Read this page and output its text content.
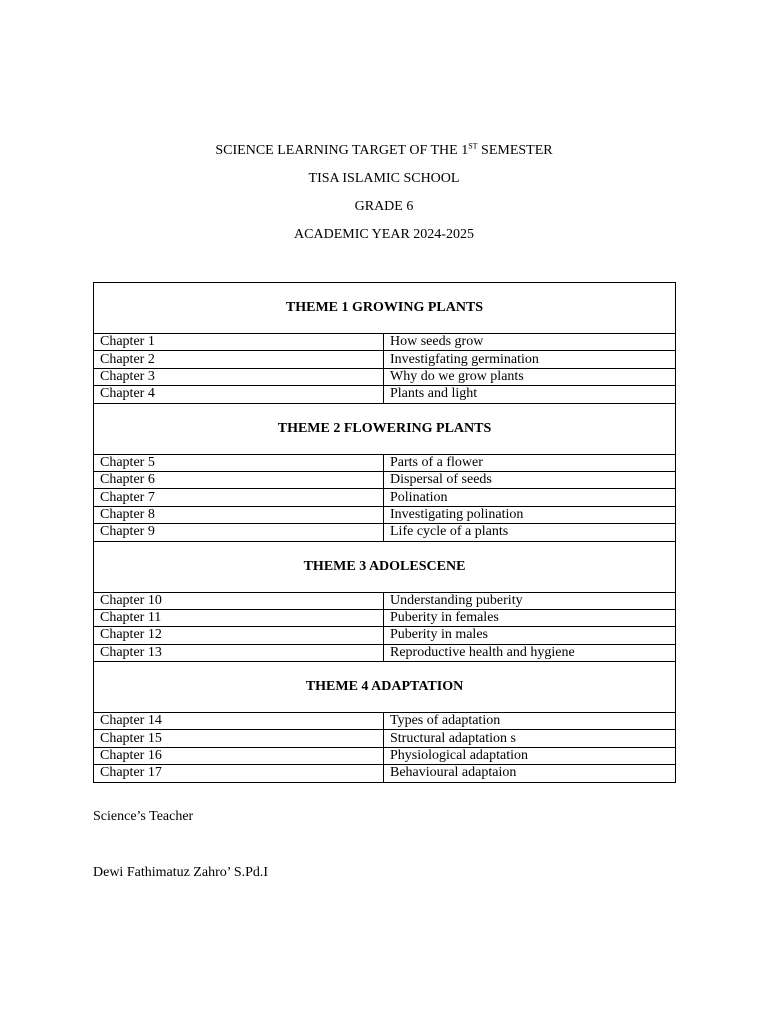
SCIENCE LEARNING TARGET OF THE 1ST SEMESTER
TISA ISLAMIC SCHOOL
GRADE 6
ACADEMIC YEAR 2024-2025
THEME 1 GROWING PLANTS	
Chapter 1	How seeds grow
Chapter 2	Investigfating germination
Chapter 3	Why do we grow plants
Chapter 4	Plants and light
THEME 2 FLOWERING PLANTS	
Chapter 5	Parts of a flower
Chapter 6	Dispersal of seeds
Chapter 7	Polination
Chapter 8	Investigating polination
Chapter 9	Life cycle of a plants
THEME 3 ADOLESCENE	
Chapter 10	Understanding puberity
Chapter 11	Puberity in females
Chapter 12	Puberity in males
Chapter 13	Reproductive health and hygiene
THEME 4 ADAPTATION	
Chapter 14	Types of adaptation
Chapter 15	Structural adaptation s
Chapter 16	Physiological adaptation
Chapter 17	Behavioural adaptaion
Science’s Teacher
Dewi Fathimatuz Zahro’ S.Pd.I
